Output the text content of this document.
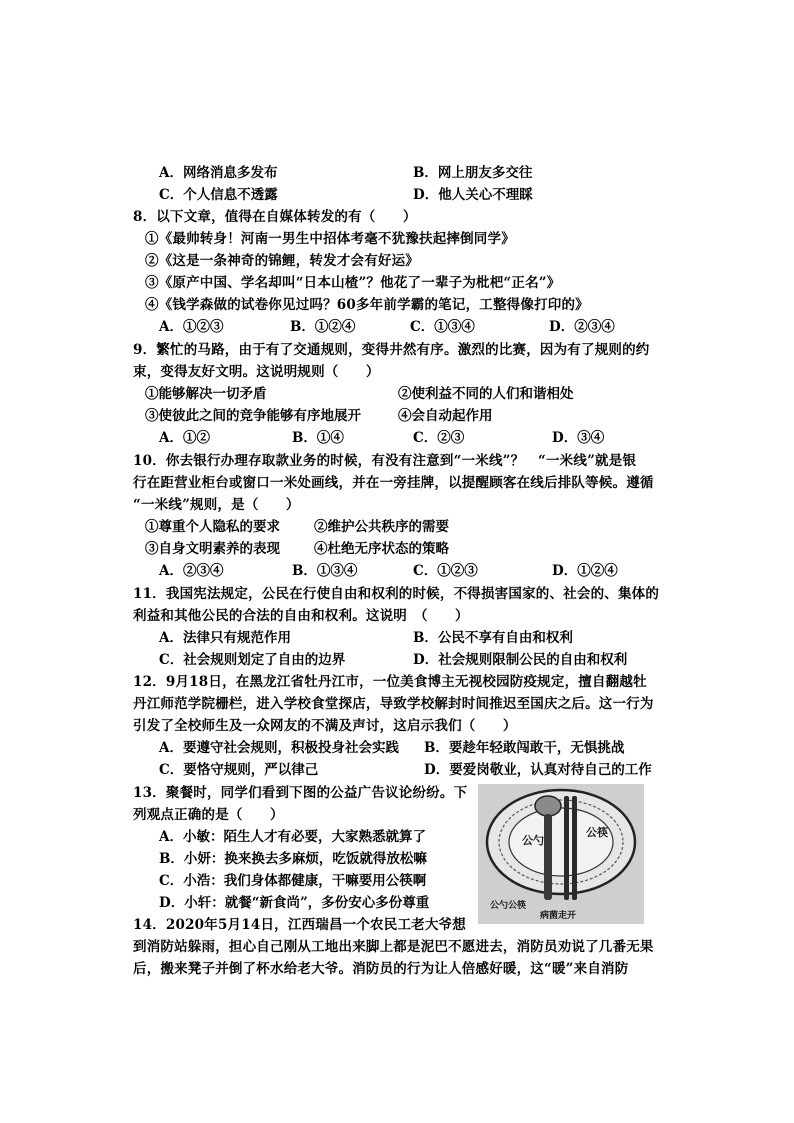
A．网络消息多发布	B．网上朋友多交往
C．个人信息不透露	D．他人关心不理睬
8．以下文章，值得在自媒体转发的有（　　）
①《最帅转身！河南一男生中招体考毫不犹豫扶起摔倒同学》
②《这是一条神奇的锦鲤，转发才会有好运》
③《原产中国、学名却叫“日本山楂”？他花了一辈子为枇杷“正名”》
④《钱学森做的试卷你见过吗？60多年前学霸的笔记，工整得像打印的》
A．①②③	B．①②④	C．①③④	D．②③④
9．繁忙的马路，由于有了交通规则，变得井然有序。激烈的比赛，因为有了规则的约
束，变得友好文明。这说明规则（　　）
①能够解决一切矛盾	②使利益不同的人们和谐相处
③使彼此之间的竞争能够有序地展开	④会自动起作用
A．①②	B．①④	C．②③	D．③④
10．你去银行办理存取款业务的时候，有没有注意到“一米线”？　“一米线”就是银
行在距营业柜台或窗口一米处画线，并在一旁挂牌，以提醒顾客在线后排队等候。遵循
“一米线”规则，是（　　）
①尊重个人隐私的要求	②维护公共秩序的需要
③自身文明素养的表现	④杜绝无序状态的策略
A．②③④	B．①③④	C．①②③	D．①②④
11．我国宪法规定，公民在行使自由和权利的时候，不得损害国家的、社会的、集体的
利益和其他公民的合法的自由和权利。这说明　（　　）
A．法律只有规范作用	B．公民不享有自由和权利
C．社会规则划定了自由的边界	D．社会规则限制公民的自由和权利
12．9月18日，在黑龙江省牡丹江市，一位美食博主无视校园防疫规定，擅自翻越牡
丹江师范学院栅栏，进入学校食堂探店，导致学校解封时间推迟至国庆之后。这一行为
引发了全校师生及一众网友的不满及声讨，这启示我们（　　）
A．要遵守社会规则，积极投身社会实践 B．要趁年轻敢闯敢干，无惧挑战
C．要恪守规则，严以律己	D．要爱岗敬业，认真对待自己的工作
13．聚餐时，同学们看到下图的公益广告议论纷纷。下
列观点正确的是（　　）
A．小敏：陌生人才有必要，大家熟悉就算了
B．小妍：换来换去多麻烦，吃饭就得放松嘛
C．小浩：我们身体都健康，干嘛要用公筷啊
D．小轩：就餐“新食尚”，多份安心多份尊重
公勺
公筷
公勺公筷
病菌走开
14．2020年5月14日，江西瑞昌一个农民工老大爷想
到消防站躲雨，担心自己刚从工地出来脚上都是泥巴不愿进去，消防员劝说了几番无果
后，搬来凳子并倒了杯水给老大爷。消防员的行为让人倍感好暖，这“暖”来自消防
